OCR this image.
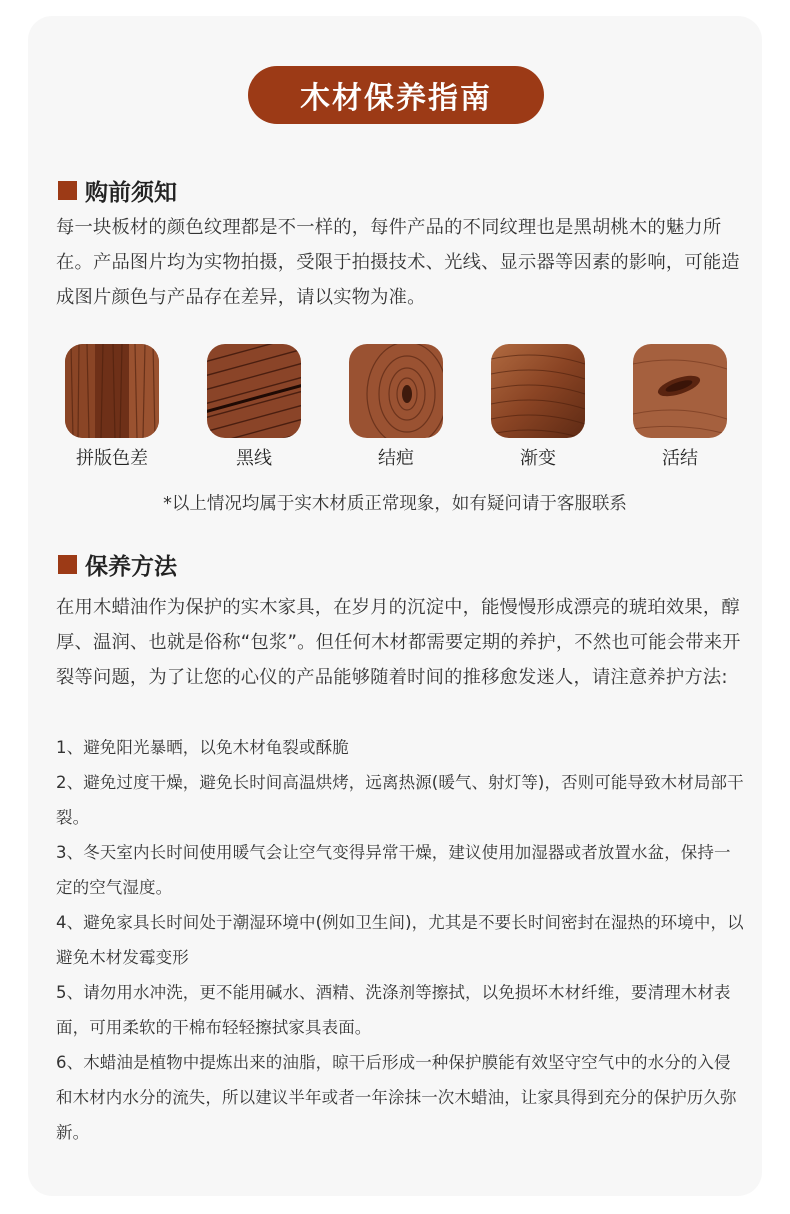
木材保养指南
购前须知

每一块板材的颜色纹理都是不一样的，每件产品的不同纹理也是黑胡桃木的魅力所在。产品图片均为实物拍摄，受限于拍摄技术、光线、显示器等因素的影响，可能造成图片颜色与产品存在差异，请以实物为准。

拼版色差	黑线	结疤	渐变	活结
*以上情况均属于实木材质正常现象，如有疑问请于客服联系
保养方法

在用木蜡油作为保护的实木家具，在岁月的沉淀中，能慢慢形成漂亮的琥珀效果，醇厚、温润、也就是俗称“包浆”。但任何木材都需要定期的养护，不然也可能会带来开裂等问题，为了让您的心仪的产品能够随着时间的推移愈发迷人，请注意养护方法:

1、避免阳光暴晒，以免木材龟裂或酥脆
2、避免过度干燥，避免长时间高温烘烤，远离热源(暖气、射灯等)，否则可能导致木材局部干裂。
3、冬天室内长时间使用暖气会让空气变得异常干燥，建议使用加湿器或者放置水盆，保持一定的空气湿度。
4、避免家具长时间处于潮湿环境中(例如卫生间)，尤其是不要长时间密封在湿热的环境中，以避免木材发霉变形
5、请勿用水冲洗，更不能用碱水、酒精、洗涤剂等擦拭，以免损坏木材纤维，要清理木材表面，可用柔软的干棉布轻轻擦拭家具表面。
6、木蜡油是植物中提炼出来的油脂，晾干后形成一种保护膜能有效坚守空气中的水分的入侵和木材内水分的流失，所以建议半年或者一年涂抹一次木蜡油，让家具得到充分的保护历久弥新。
